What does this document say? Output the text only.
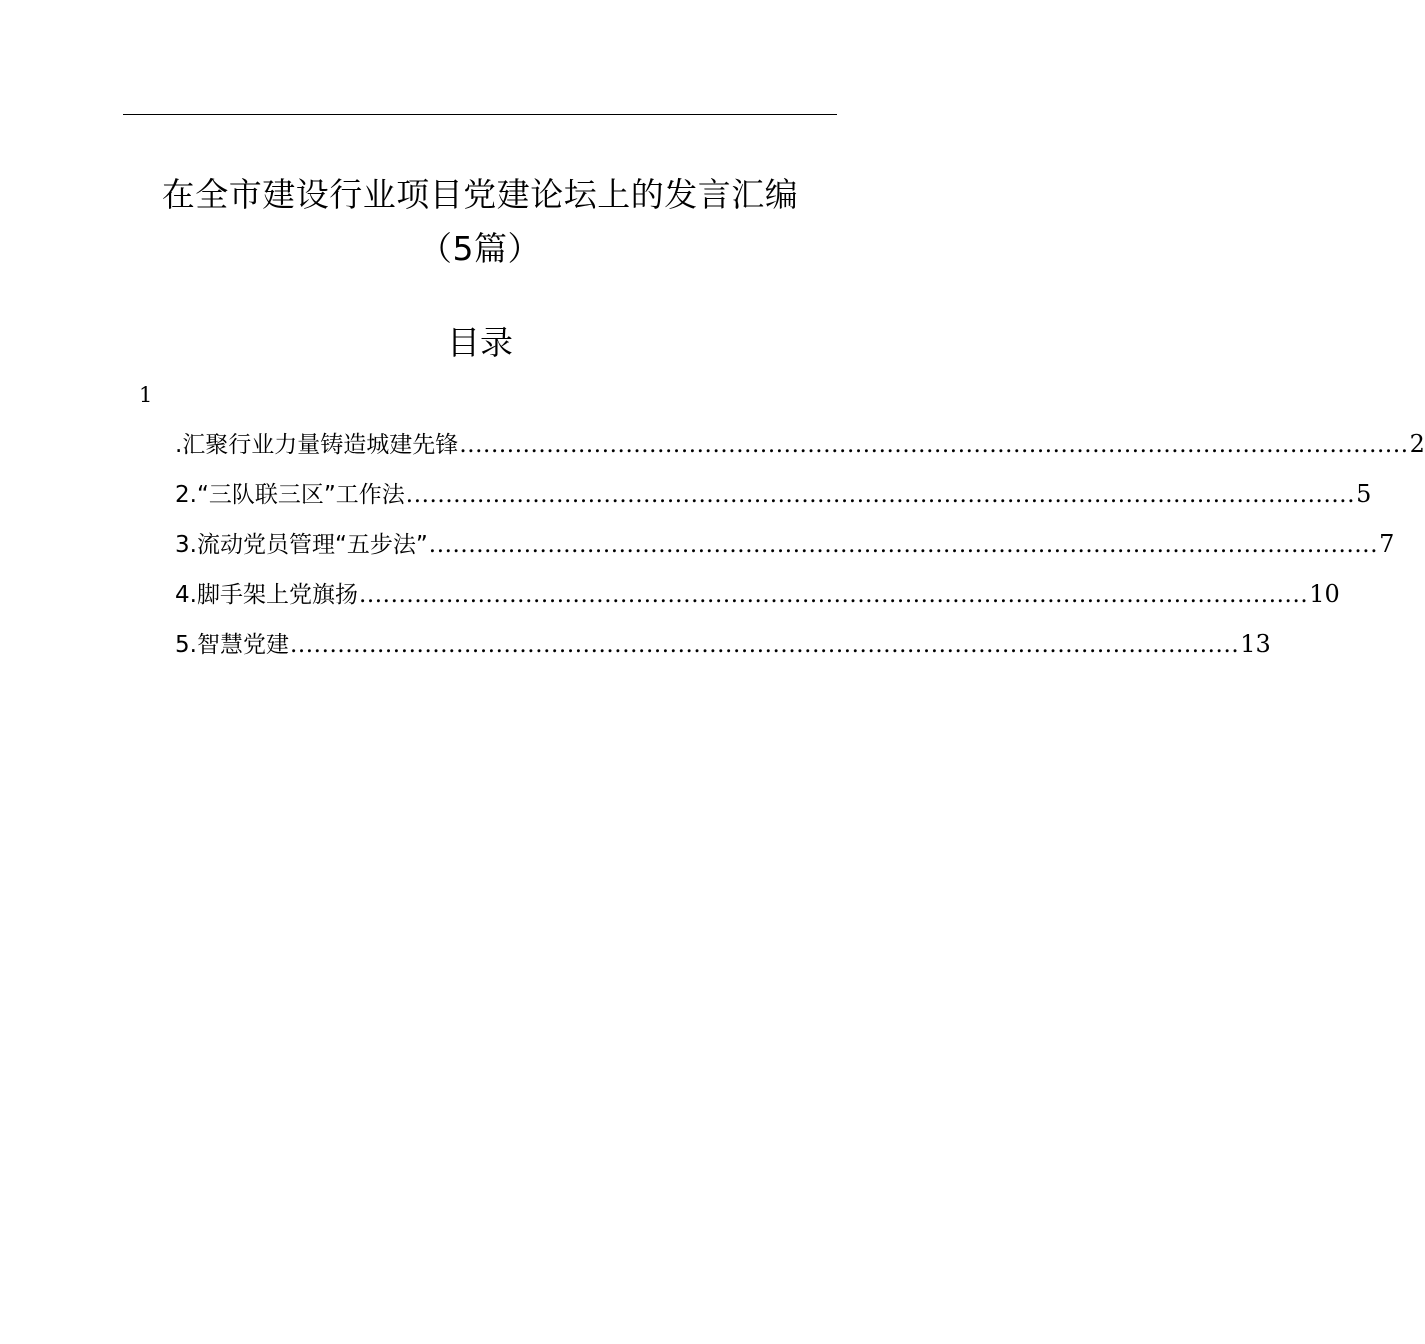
在全市建设行业项目党建论坛上的发言汇编
（5篇）
目录
1
.汇聚行业力量铸造城建先锋 ........................................................................................................................ 2
2.“三队联三区”工作法 ........................................................................................................................ 5
3.流动党员管理“五步法” ........................................................................................................................ 7
4.脚手架上党旗扬 ........................................................................................................................ 10
5.智慧党建 ........................................................................................................................ 13
